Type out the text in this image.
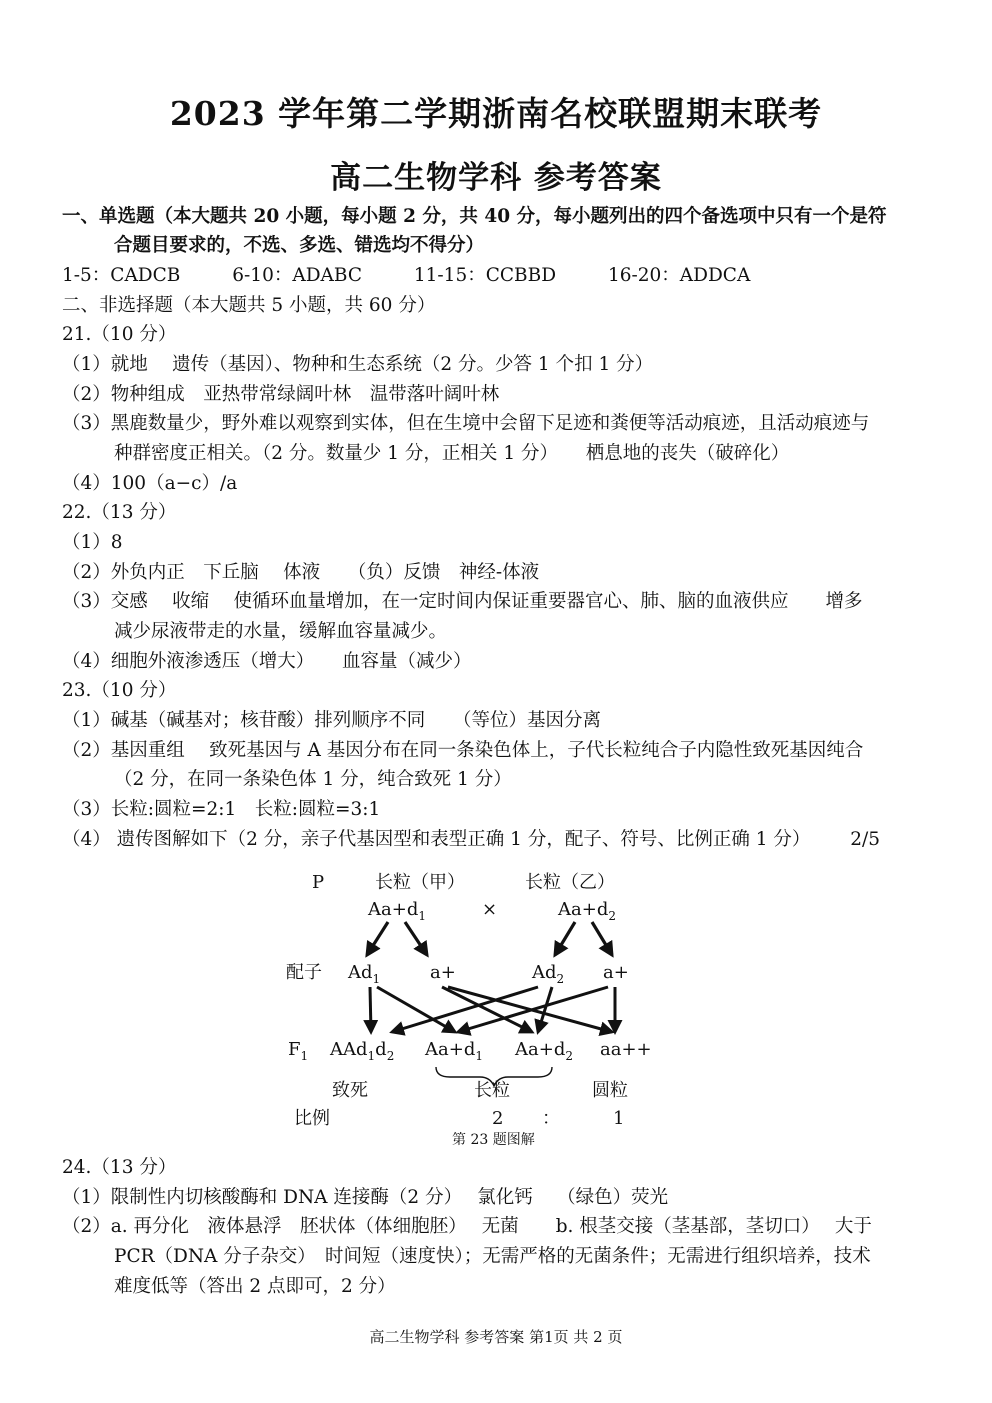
2023 学年第二学期浙南名校联盟期末联考
高二生物学科 参考答案

一、单选题（本大题共 20 小题，每小题 2 分，共 40 分，每小题列出的四个备选项中只有一个是符

合题目要求的，不选、多选、错选均不得分）

1-5：CADCB	6-10：ADABC	11-15：CCBBD	16-20：ADDCA

二、非选择题（本大题共 5 小题，共 60 分）

21.（10 分）

（1）就地　 遗传（基因）、物种和生态系统（2 分。少答 1 个扣 1 分）

（2）物种组成　亚热带常绿阔叶林　温带落叶阔叶林

（3）黑鹿数量少，野外难以观察到实体，但在生境中会留下足迹和粪便等活动痕迹，且活动痕迹与

种群密度正相关。（2 分。数量少 1 分，正相关 1 分）　　栖息地的丧失（破碎化）

（4）100（a−c）/a

22.（13 分）

（1）8

（2）外负内正　下丘脑　 体液　　（负）反馈　神经-体液

（3）交感　 收缩　 使循环血量增加，在一定时间内保证重要器官心、肺、脑的血液供应　　增多

减少尿液带走的水量，缓解血容量减少。

（4）细胞外液渗透压（增大）　　血容量（减少）

23.（10 分）

（1）碱基（碱基对；核苷酸）排列顺序不同　　（等位）基因分离

（2）基因重组　 致死基因与 A 基因分布在同一条染色体上，子代长粒纯合子内隐性致死基因纯合

（2 分，在同一条染色体 1 分，纯合致死 1 分）

（3）长粒:圆粒=2:1　长粒:圆粒=3:1

（4） 遗传图解如下（2 分，亲子代基因型和表型正确 1 分，配子、符号、比例正确 1 分） 2/5

P	长粒（甲）	长粒（乙）
$Aa+d_1$	×	$Aa+d_2$
配子 $Ad_1$	a+	$Ad_2$ a+
$F_1$ $AAd_1d_2$ $Aa+d_1$ $Aa+d_2$ aa++
致死	长粒	圆粒
比例	2 ：	1
第 23 题图解

24.（13 分）

（1）限制性内切核酸酶和 DNA 连接酶（2 分）　 氯化钙　 （绿色）荧光

（2）a. 再分化　液体悬浮　胚状体（体细胞胚）　 无菌　　b. 根茎交接（茎基部，茎切口）　 大于

PCR（DNA 分子杂交）　时间短（速度快）；无需严格的无菌条件；无需进行组织培养，技术

难度低等（答出 2 点即可，2 分）

高二生物学科 参考答案 第1页 共 2 页
